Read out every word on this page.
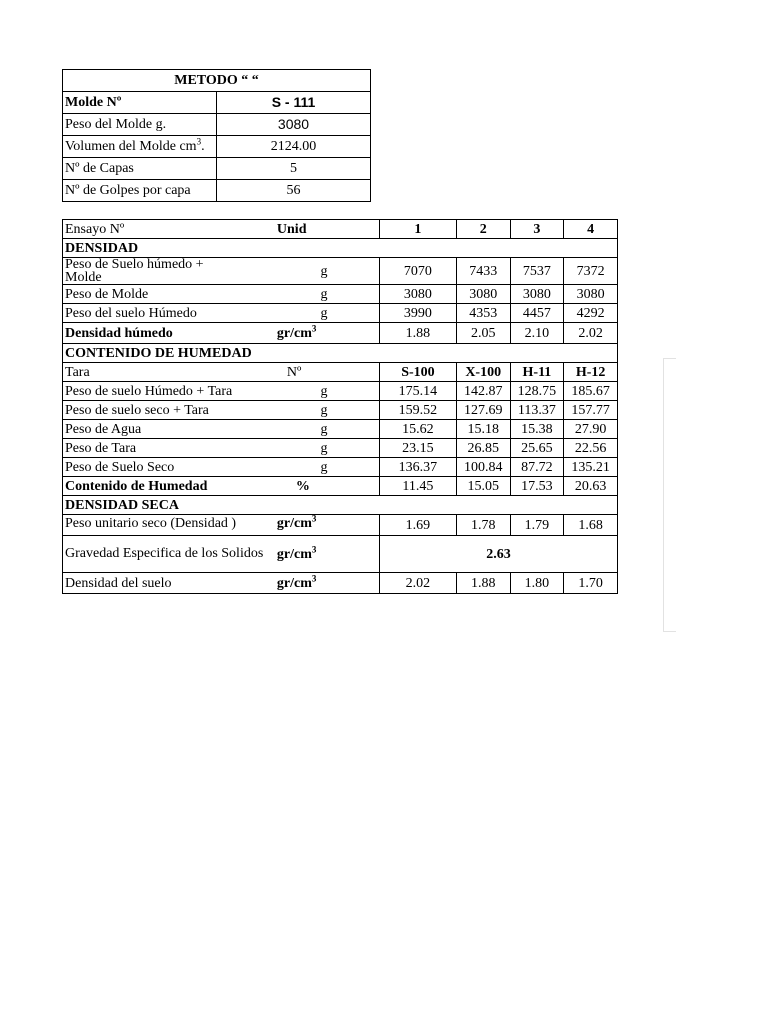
METODO “ “	
Molde Nº	S - 111
Peso del Molde g.	3080
Volumen del Molde $cm^3$.	2124.00
Nº de Capas	5
Nº de Golpes por capa	56
Ensayo Nº	Unid	1	2	3	4
DENSIDAD					
Peso de Suelo húmedo + Molde	g	7070	7433	7537	7372
Peso de Molde	g	3080	3080	3080	3080
Peso del suelo Húmedo	g	3990	4353	4457	4292
Densidad húmedo	$gr/cm^3$	1.88	2.05	2.10	2.02
CONTENIDO DE HUMEDAD					
Tara	Nº	S-100	X-100	H-11	H-12
Peso de suelo Húmedo + Tara	g	175.14	142.87	128.75	185.67
Peso de suelo seco + Tara	g	159.52	127.69	113.37	157.77
Peso de Agua	g	15.62	15.18	15.38	27.90
Peso de Tara	g	23.15	26.85	25.65	22.56
Peso de Suelo Seco	g	136.37	100.84	87.72	135.21
Contenido de Humedad	%	11.45	15.05	17.53	20.63
DENSIDAD SECA					
Peso unitario seco (Densidad )	$gr/cm^3$	1.69	1.78	1.79	1.68
Gravedad Especifica de los Solidos	$gr/cm^3$	2.63			
Densidad del suelo	$gr/cm^3$	2.02	1.88	1.80	1.70
